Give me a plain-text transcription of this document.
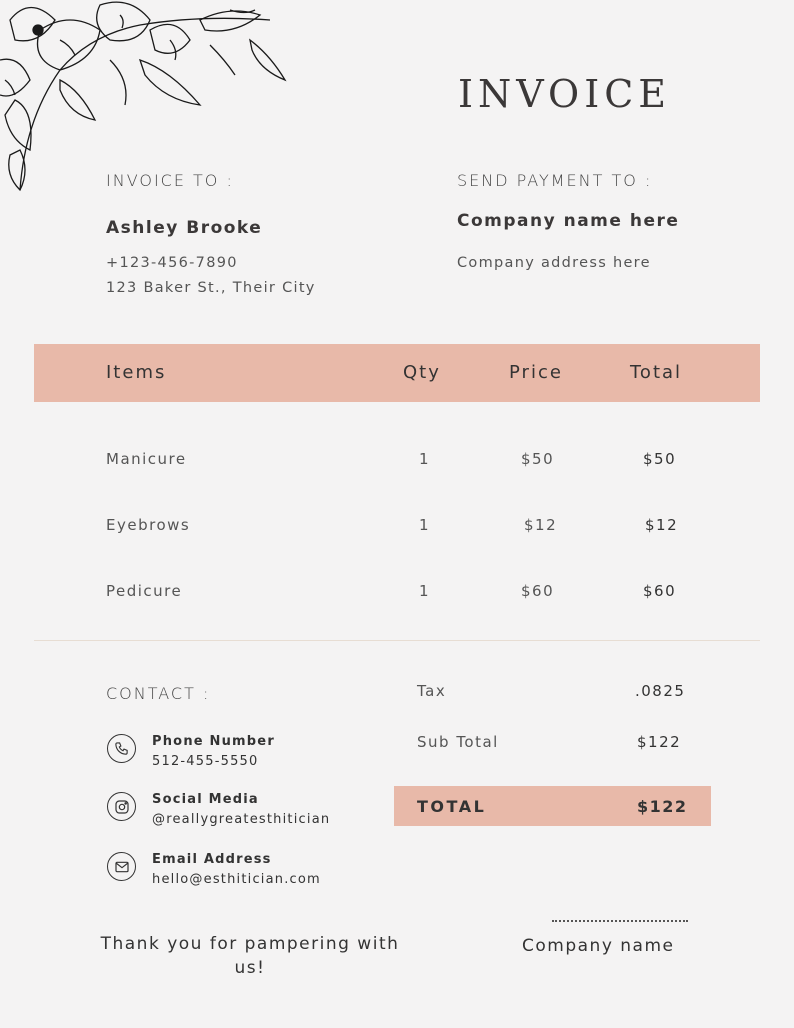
INVOICE
INVOICE TO :
Ashley Brooke
+123-456-7890
123 Baker St., Their City
SEND PAYMENT TO :
Company name here
Company address here
Items	Qty	Price	Total
Manicure	1	$50	$50
Eyebrows	1	$12	$12
Pedicure	1	$60	$60
CONTACT :
Phone Number
512-455-5550
Social Media
@reallygreatesthitician
Email Address
hello@esthitician.com
Tax	.0825
Sub Total	$122
TOTAL	$122
Thank you for pampering with us!
Company name
